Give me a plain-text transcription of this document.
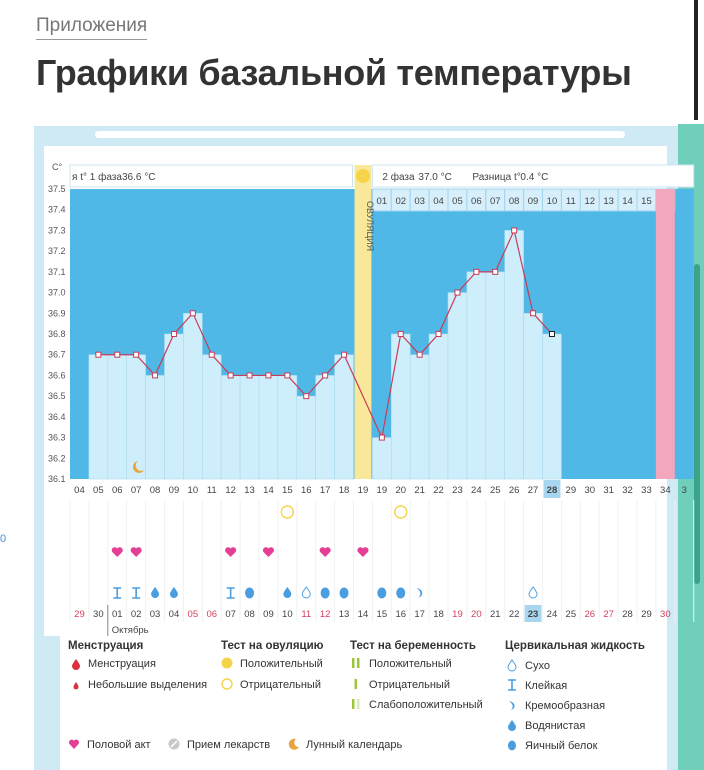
Приложения
Графики базальной температуры
0
С°
я t° 1 фаза 36.6 °С	2 фаза 37.0 °С Разница t° 0.4 °С
01 02 03 04 05 06 07 08 09 10 11 12 13 14 15
ОВУЛЯЦИЯ
37.5
37.4
37.3
37.2
37.1
37.0
36.9
36.8
36.7
36.6
36.5
36.4
36.3
36.2
36.1
04 05 06 07 08 09 10 11 12 13 14 15 16 17 18 19 19 20 21 22 23 24 25 26 27 28 29 30 31 32 33 34 3
29 30 01 02 03 04 05 06 07 08 09 10 11 12 13 14 15 16 17 18 19 20 21 22 23 24 25 26 27 28 29 30
Октябрь
Менструация
Менструация
Небольшие выделения
Тест на овуляцию
Положительный
Отрицательный
Тест на беременность
Положительный
Отрицательный
Слабоположительный
Цервикальная жидкость
Сухо
Клейкая
Кремообразная
Водянистая
Яичный белок
Половой акт	Прием лекарств	Лунный календарь
